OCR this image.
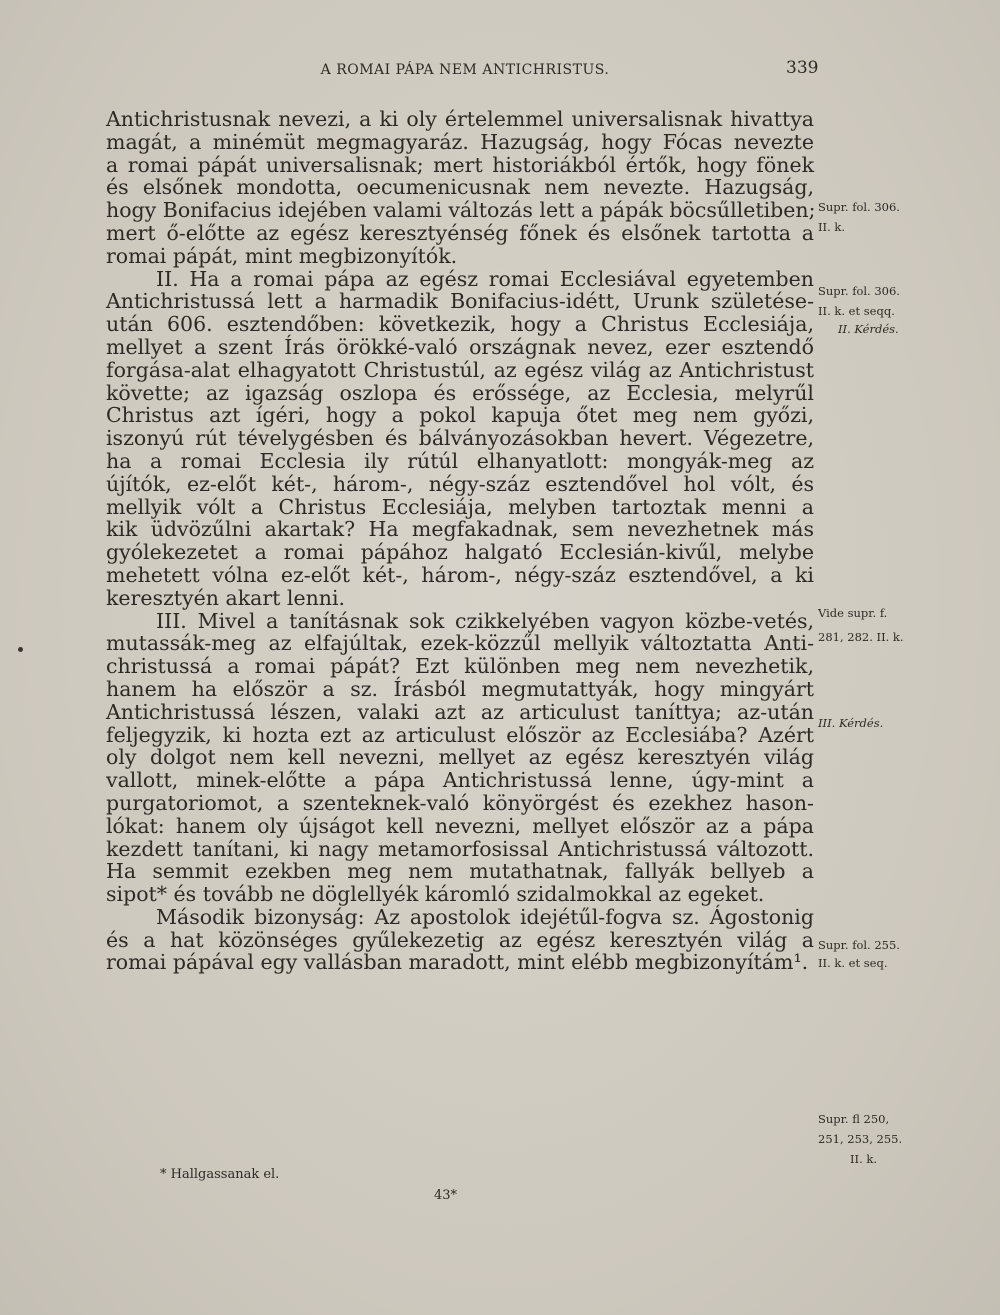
A ROMAI PÁPA NEM ANTICHRISTUS.	339
Antichristusnak nevezi, a ki oly értelemmel universalisnak hivattya
magát, a minémüt megmagyaráz. Hazugság, hogy Fócas nevezte
a romai pápát universalisnak; mert historiákból értők, hogy fönek
és elsőnek mondotta, oecumenicusnak nem nevezte. Hazugság,
hogy Bonifacius idejében valami változás lett a pápák böcsűlletiben;
mert ő-előtte az egész keresztyénség főnek és elsőnek tartotta a
romai pápát, mint megbizonyítók.
II. Ha a romai pápa az egész romai Ecclesiával egyetemben
Antichristussá lett a harmadik Bonifacius-idétt, Urunk születése-
után 606. esztendőben: következik, hogy a Christus Ecclesiája,
mellyet a szent Írás örökké-való országnak nevez, ezer esztendő
forgása-alat elhagyatott Christustúl, az egész világ az Antichristust
követte; az igazság oszlopa és erőssége, az Ecclesia, melyrűl
Christus azt ígéri, hogy a pokol kapuja őtet meg nem győzi,
iszonyú rút tévelygésben és bálványozásokban hevert. Végezetre,
ha a romai Ecclesia ily rútúl elhanyatlott: mongyák-meg az
újítók, ez-előt két-, három-, négy-száz esztendővel hol vólt, és
mellyik vólt a Christus Ecclesiája, melyben tartoztak menni a
kik üdvözűlni akartak? Ha megfakadnak, sem nevezhetnek más
gyólekezetet a romai pápához halgató Ecclesián-kivűl, melybe
mehetett vólna ez-előt két-, három-, négy-száz esztendővel, a ki
keresztyén akart lenni.
III. Mivel a tanításnak sok czikkelyében vagyon közbe-vetés,
mutassák-meg az elfajúltak, ezek-közzűl mellyik változtatta Anti-
christussá a romai pápát? Ezt különben meg nem nevezhetik,
hanem ha először a sz. Írásból megmutattyák, hogy mingyárt
Antichristussá lészen, valaki azt az articulust taníttya; az-után
feljegyzik, ki hozta ezt az articulust először az Ecclesiába? Azért
oly dolgot nem kell nevezni, mellyet az egész keresztyén világ
vallott, minek-előtte a pápa Antichristussá lenne, úgy-mint a
purgatoriomot, a szenteknek-való könyörgést és ezekhez hason-
lókat: hanem oly újságot kell nevezni, mellyet először az a pápa
kezdett tanítani, ki nagy metamorfosissal Antichristussá változott.
Ha semmit ezekben meg nem mutathatnak, fallyák bellyeb a
sipot* és tovább ne döglellyék káromló szidalmokkal az egeket.
Második bizonyság: Az apostolok idejétűl-fogva sz. Ágostonig
és a hat közönséges gyűlekezetig az egész keresztyén világ a
romai pápával egy vallásban maradott, mint elébb megbizonyítám¹.
Supr. fol. 306.
II. k.
Supr. fol. 306.
II. k. et seqq.
II. Kérdés.
Vide supr. f.
281, 282. II. k.
III. Kérdés.
Supr. fol. 255.
II. k. et seq.
Supr. fl 250,
251, 253, 255.
II. k.
* Hallgassanak el.
43*
